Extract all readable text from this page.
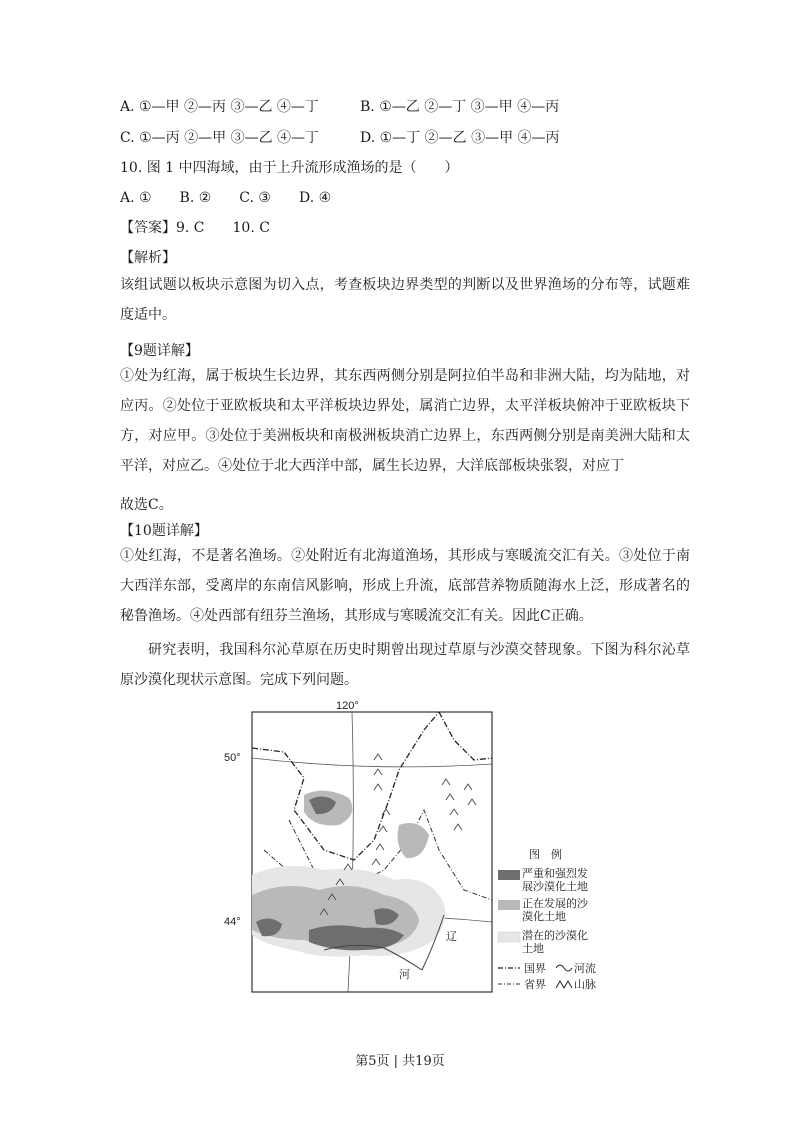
A. ①—甲 ②—丙 ③—乙 ④—丁	B. ①—乙 ②—丁 ③—甲 ④—丙
C. ①—丙 ②—甲 ③—乙 ④—丁	D. ①—丁 ②—乙 ③—甲 ④—丙
10. 图 1 中四海域，由于上升流形成渔场的是（　　）
A. ①　　B. ②　　C. ③　　D. ④
【答案】9. C　　10. C
【解析】

该组试题以板块示意图为切入点，考查板块边界类型的判断以及世界渔场的分布等，试题难度适中。

【9题详解】

①处为红海，属于板块生长边界，其东西两侧分别是阿拉伯半岛和非洲大陆，均为陆地，对应丙。②处位于亚欧板块和太平洋板块边界处，属消亡边界，太平洋板块俯冲于亚欧板块下方，对应甲。③处位于美洲板块和南极洲板块消亡边界上，东西两侧分别是南美洲大陆和太平洋，对应乙。④处位于北大西洋中部，属生长边界，大洋底部板块张裂，对应丁

故选C。
【10题详解】

①处红海，不是著名渔场。②处附近有北海道渔场，其形成与寒暖流交汇有关。③处位于南大西洋东部，受离岸的东南信风影响，形成上升流，底部营养物质随海水上泛，形成著名的秘鲁渔场。④处西部有纽芬兰渔场，其形成与寒暖流交汇有关。因此C正确。

研究表明，我国科尔沁草原在历史时期曾出现过草原与沙漠交替现象。下图为科尔沁草原沙漠化现状示意图。完成下列问题。

120°
50°
44°
辽
河
图　例
严重和强烈发展沙漠化土地
正在发展的沙漠化土地
潜在的沙漠化土地
国界	河流
省界	山脉
第5页 | 共19页
